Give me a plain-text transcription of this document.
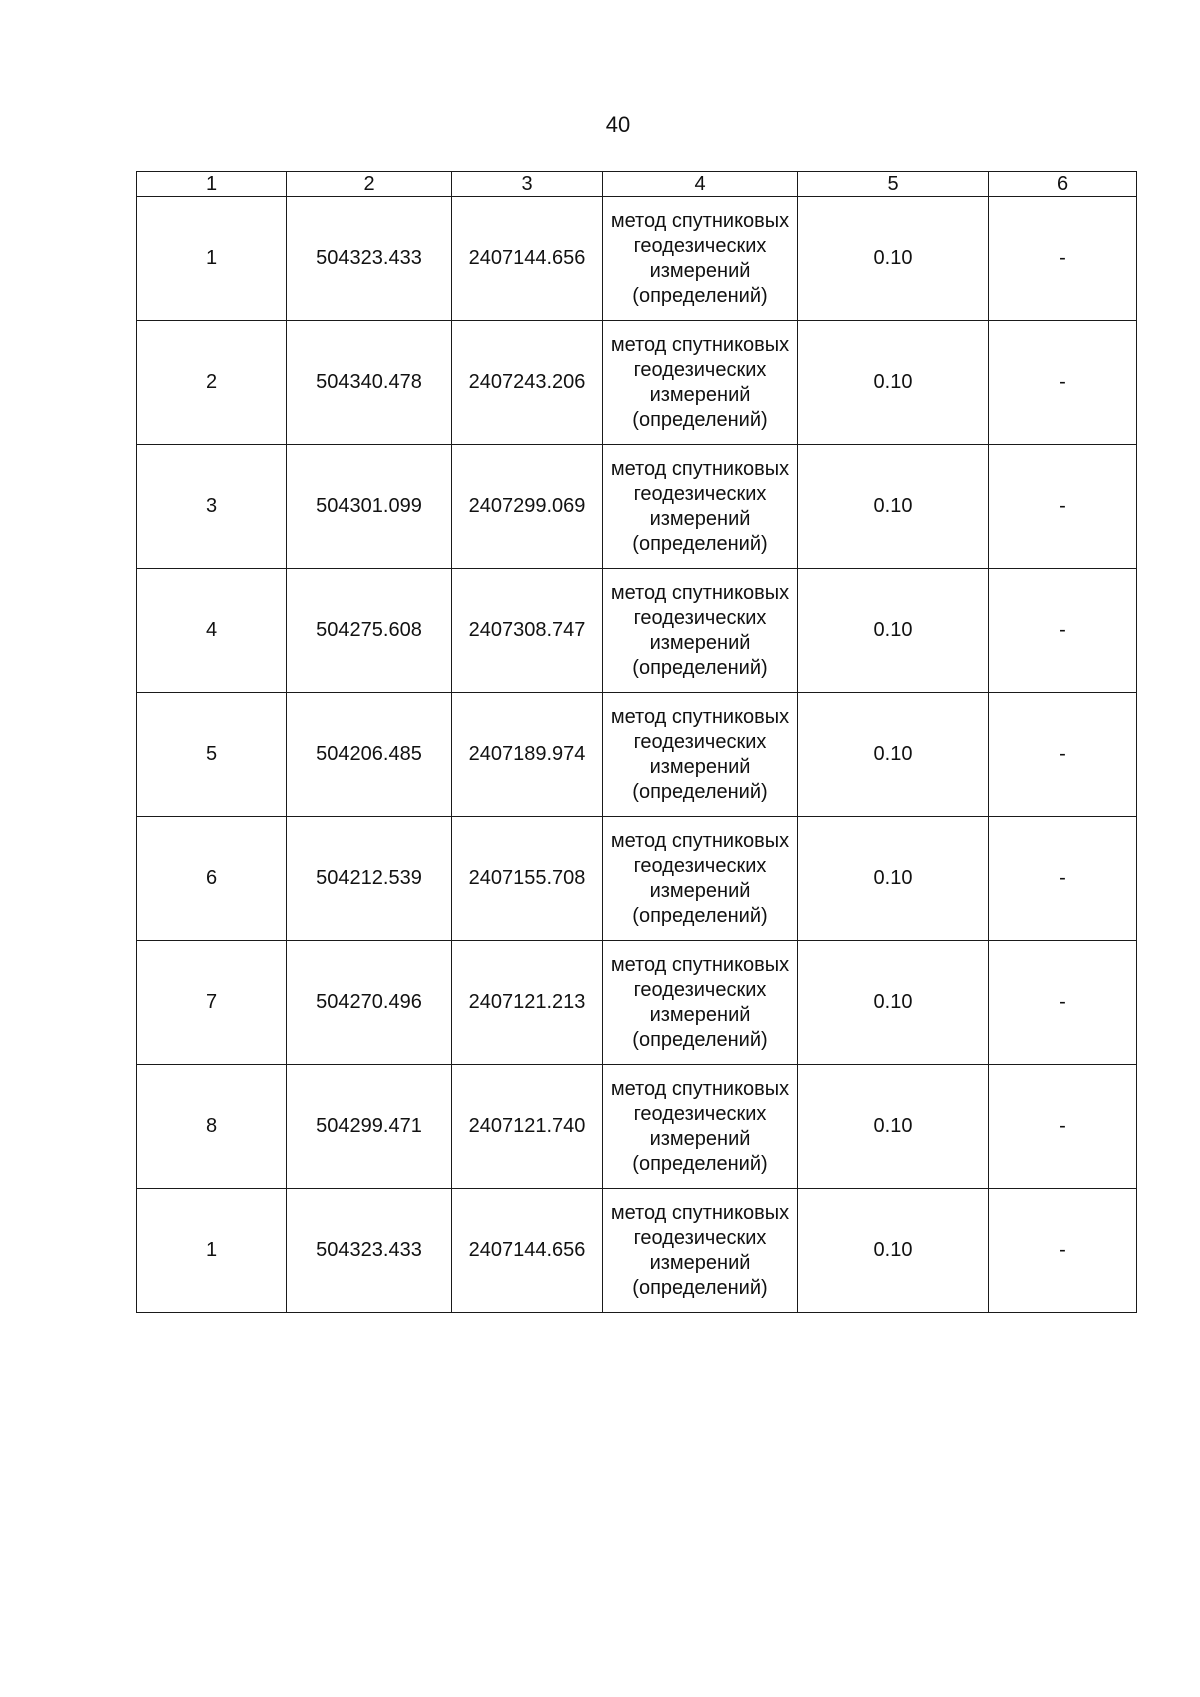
40
1	2	3	4	5	6
1	504323.433	2407144.656	метод спутниковых геодезических измерений (определений)	0.10	-
2	504340.478	2407243.206	метод спутниковых геодезических измерений (определений)	0.10	-
3	504301.099	2407299.069	метод спутниковых геодезических измерений (определений)	0.10	-
4	504275.608	2407308.747	метод спутниковых геодезических измерений (определений)	0.10	-
5	504206.485	2407189.974	метод спутниковых геодезических измерений (определений)	0.10	-
6	504212.539	2407155.708	метод спутниковых геодезических измерений (определений)	0.10	-
7	504270.496	2407121.213	метод спутниковых геодезических измерений (определений)	0.10	-
8	504299.471	2407121.740	метод спутниковых геодезических измерений (определений)	0.10	-
1	504323.433	2407144.656	метод спутниковых геодезических измерений (определений)	0.10	-
